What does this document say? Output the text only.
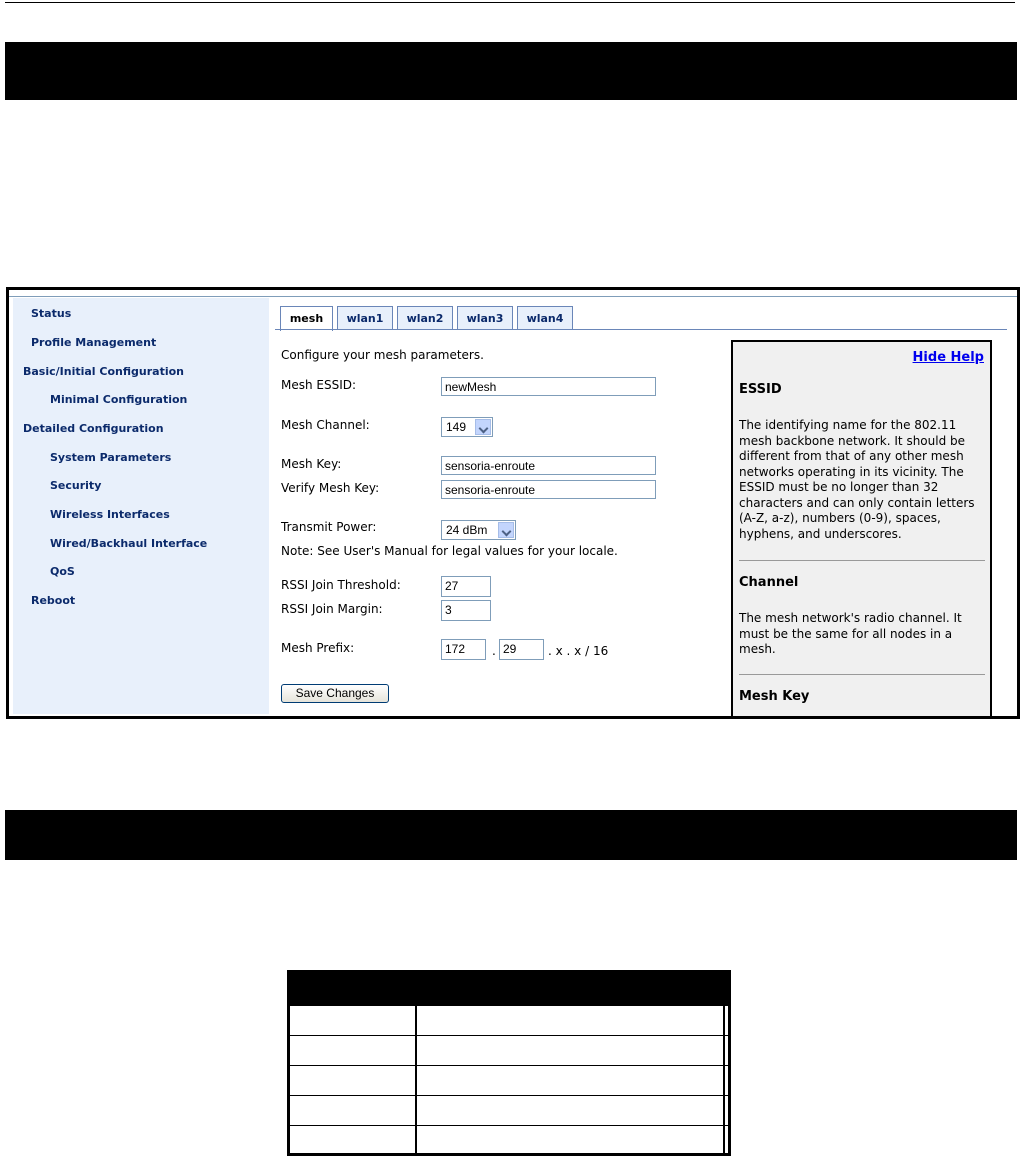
Status
Profile Management
Basic/Initial Configuration
Minimal Configuration
Detailed Configuration
System Parameters
Security
Wireless Interfaces
Wired/Backhaul Interface
QoS
Reboot
mesh	wlan1	wlan2	wlan3	wlan4
Configure your mesh parameters.
Mesh ESSID:	newMesh
Mesh Channel:	149
Mesh Key:	sensoria-enroute
Verify Mesh Key:	sensoria-enroute
Transmit Power:	24 dBm
Note: See User's Manual for legal values for your locale.
RSSI Join Threshold:	27
RSSI Join Margin:	3
Mesh Prefix:	172	. 29	. x . x / 16
Save Changes
Hide Help
ESSID
The identifying name for the 802.11 mesh backbone network. It should be different from that of any other mesh networks operating in its vicinity. The ESSID must be no longer than 32 characters and can only contain letters (A-Z, a-z), numbers (0-9), spaces, hyphens, and underscores.
Channel
The mesh network's radio channel. It must be the same for all nodes in a mesh.
Mesh Key
